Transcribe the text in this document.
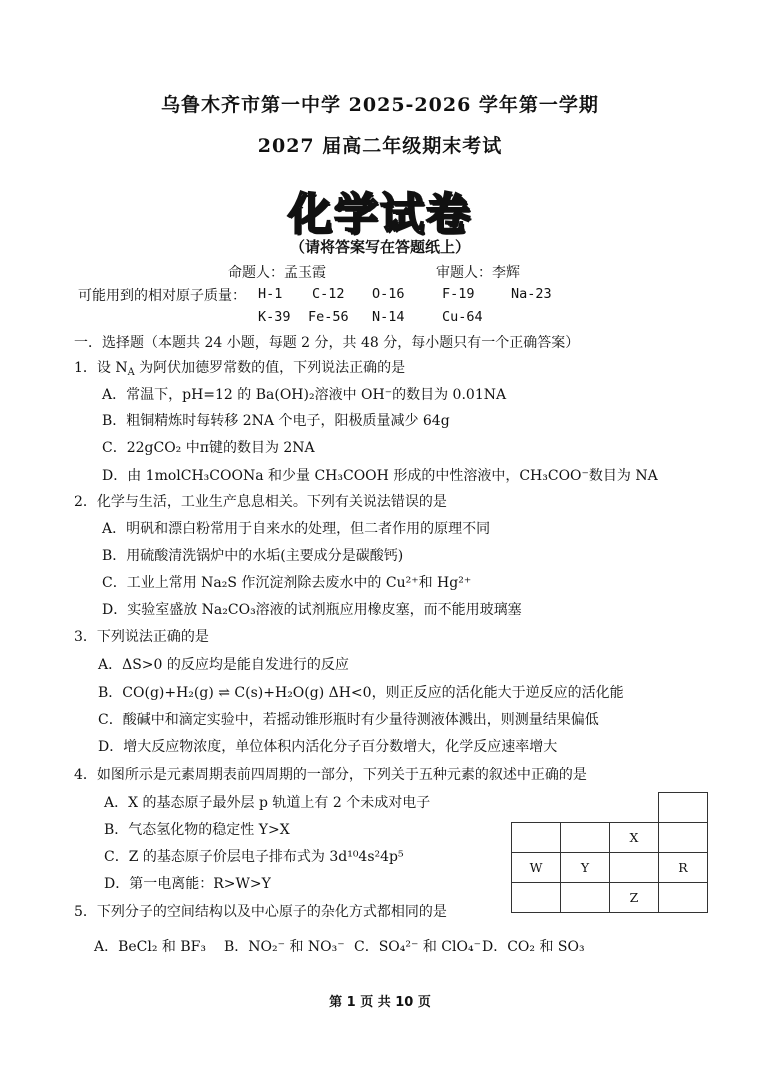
乌鲁木齐市第一中学 2025-2026 学年第一学期
2027 届高二年级期末考试
化学试卷
（请将答案写在答题纸上）
命题人：孟玉霞	审题人：李辉
可能用到的相对原子质量： H-1 C-12 O-16	F-19	Na-23
K-39 Fe-56 N-14	Cu-64
一．选择题（本题共 24 小题，每题 2 分，共 48 分，每小题只有一个正确答案）
1．设 $N_A$ 为阿伏加德罗常数的值，下列说法正确的是
A．常温下，pH=12 的 Ba(OH)₂溶液中 OH⁻的数目为 0.01NA
B．粗铜精炼时每转移 2NA 个电子，阳极质量减少 64g
C．22gCO₂ 中π键的数目为 2NA
D．由 1molCH₃COONa 和少量 CH₃COOH 形成的中性溶液中，CH₃COO⁻数目为 NA
2．化学与生活，工业生产息息相关。下列有关说法错误的是
A．明矾和漂白粉常用于自来水的处理，但二者作用的原理不同
B．用硫酸清洗锅炉中的水垢(主要成分是碳酸钙)
C．工业上常用 Na₂S 作沉淀剂除去废水中的 Cu²⁺和 Hg²⁺
D．实验室盛放 Na₂CO₃溶液的试剂瓶应用橡皮塞，而不能用玻璃塞
3．下列说法正确的是
A．ΔS>0 的反应均是能自发进行的反应
B．CO(g)+H₂(g) ⇌ C(s)+H₂O(g) ΔH<0，则正反应的活化能大于逆反应的活化能
C．酸碱中和滴定实验中，若摇动锥形瓶时有少量待测液体溅出，则测量结果偏低
D．增大反应物浓度，单位体积内活化分子百分数增大，化学反应速率增大
4．如图所示是元素周期表前四周期的一部分，下列关于五种元素的叙述中正确的是
A．X 的基态原子最外层 p 轨道上有 2 个未成对电子
B．气态氢化物的稳定性 Y>X
C．Z 的基态原子价层电子排布式为 3d¹⁰4s²4p⁵
D．第一电离能：R>W>Y

		X	
W	Y		R
		Z	
5．下列分子的空间结构以及中心原子的杂化方式都相同的是
A．BeCl₂ 和 BF₃ B．NO₂⁻ 和 NO₃⁻ C．SO₄²⁻ 和 ClO₄⁻ D．CO₂ 和 SO₃
第 1 页 共 10 页
